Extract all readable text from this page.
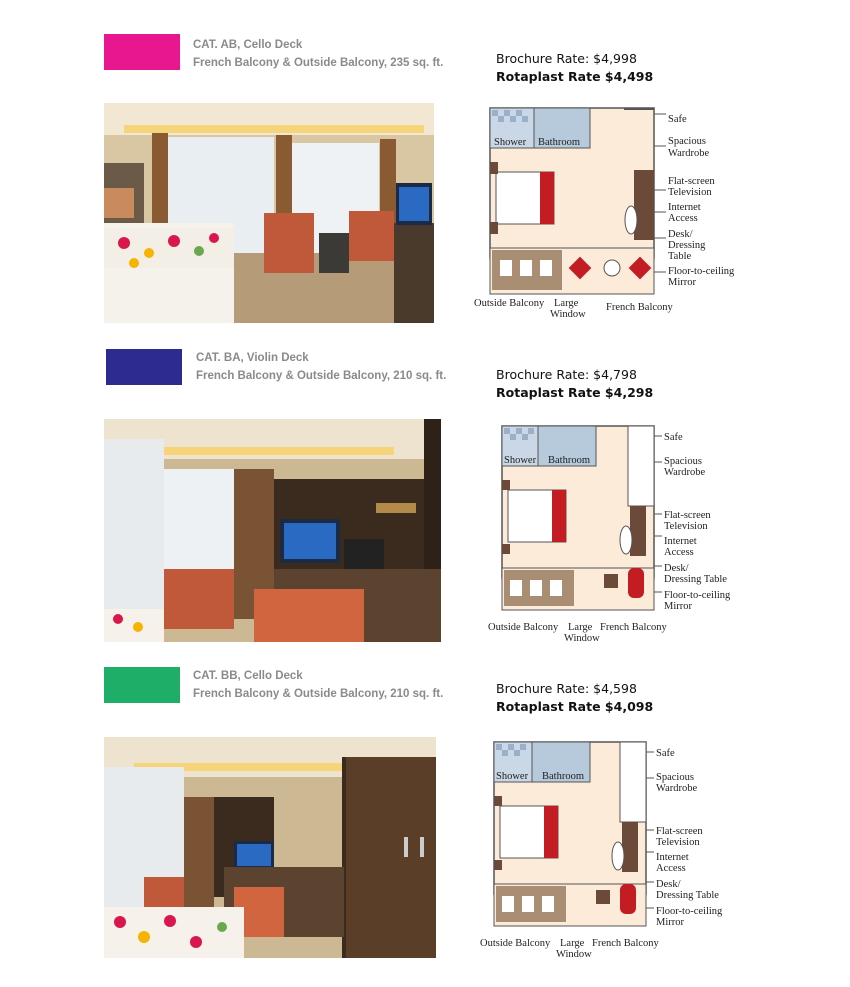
CAT. AB, Cello Deck
French Balcony & Outside Balcony, 235 sq. ft.	Brochure Rate: $4,998
Rotaplast Rate $4,498
Shower Bathroom
Safe
Spacious
Wardrobe
Flat-screen
Television
Internet
Access
Desk/
Dressing
Table
Floor-to-ceiling
Mirror
Outside Balcony Large
Window
French Balcony
CAT. BA, Violin Deck
French Balcony & Outside Balcony, 210 sq. ft.	Brochure Rate: $4,798
Rotaplast Rate $4,298
Shower Bathroom
Safe
Spacious
Wardrobe
Flat-screen
Television
Internet
Access
Desk/
Dressing Table
Floor-to-ceiling
Mirror
Outside Balcony Large
Window
French Balcony
CAT. BB, Cello Deck
French Balcony & Outside Balcony, 210 sq. ft.	Brochure Rate: $4,598
Rotaplast Rate $4,098
Shower Bathroom
Safe
Spacious
Wardrobe
Flat-screen
Television
Internet
Access
Desk/
Dressing Table
Floor-to-ceiling
Mirror
Outside Balcony Large
Window
French Balcony
